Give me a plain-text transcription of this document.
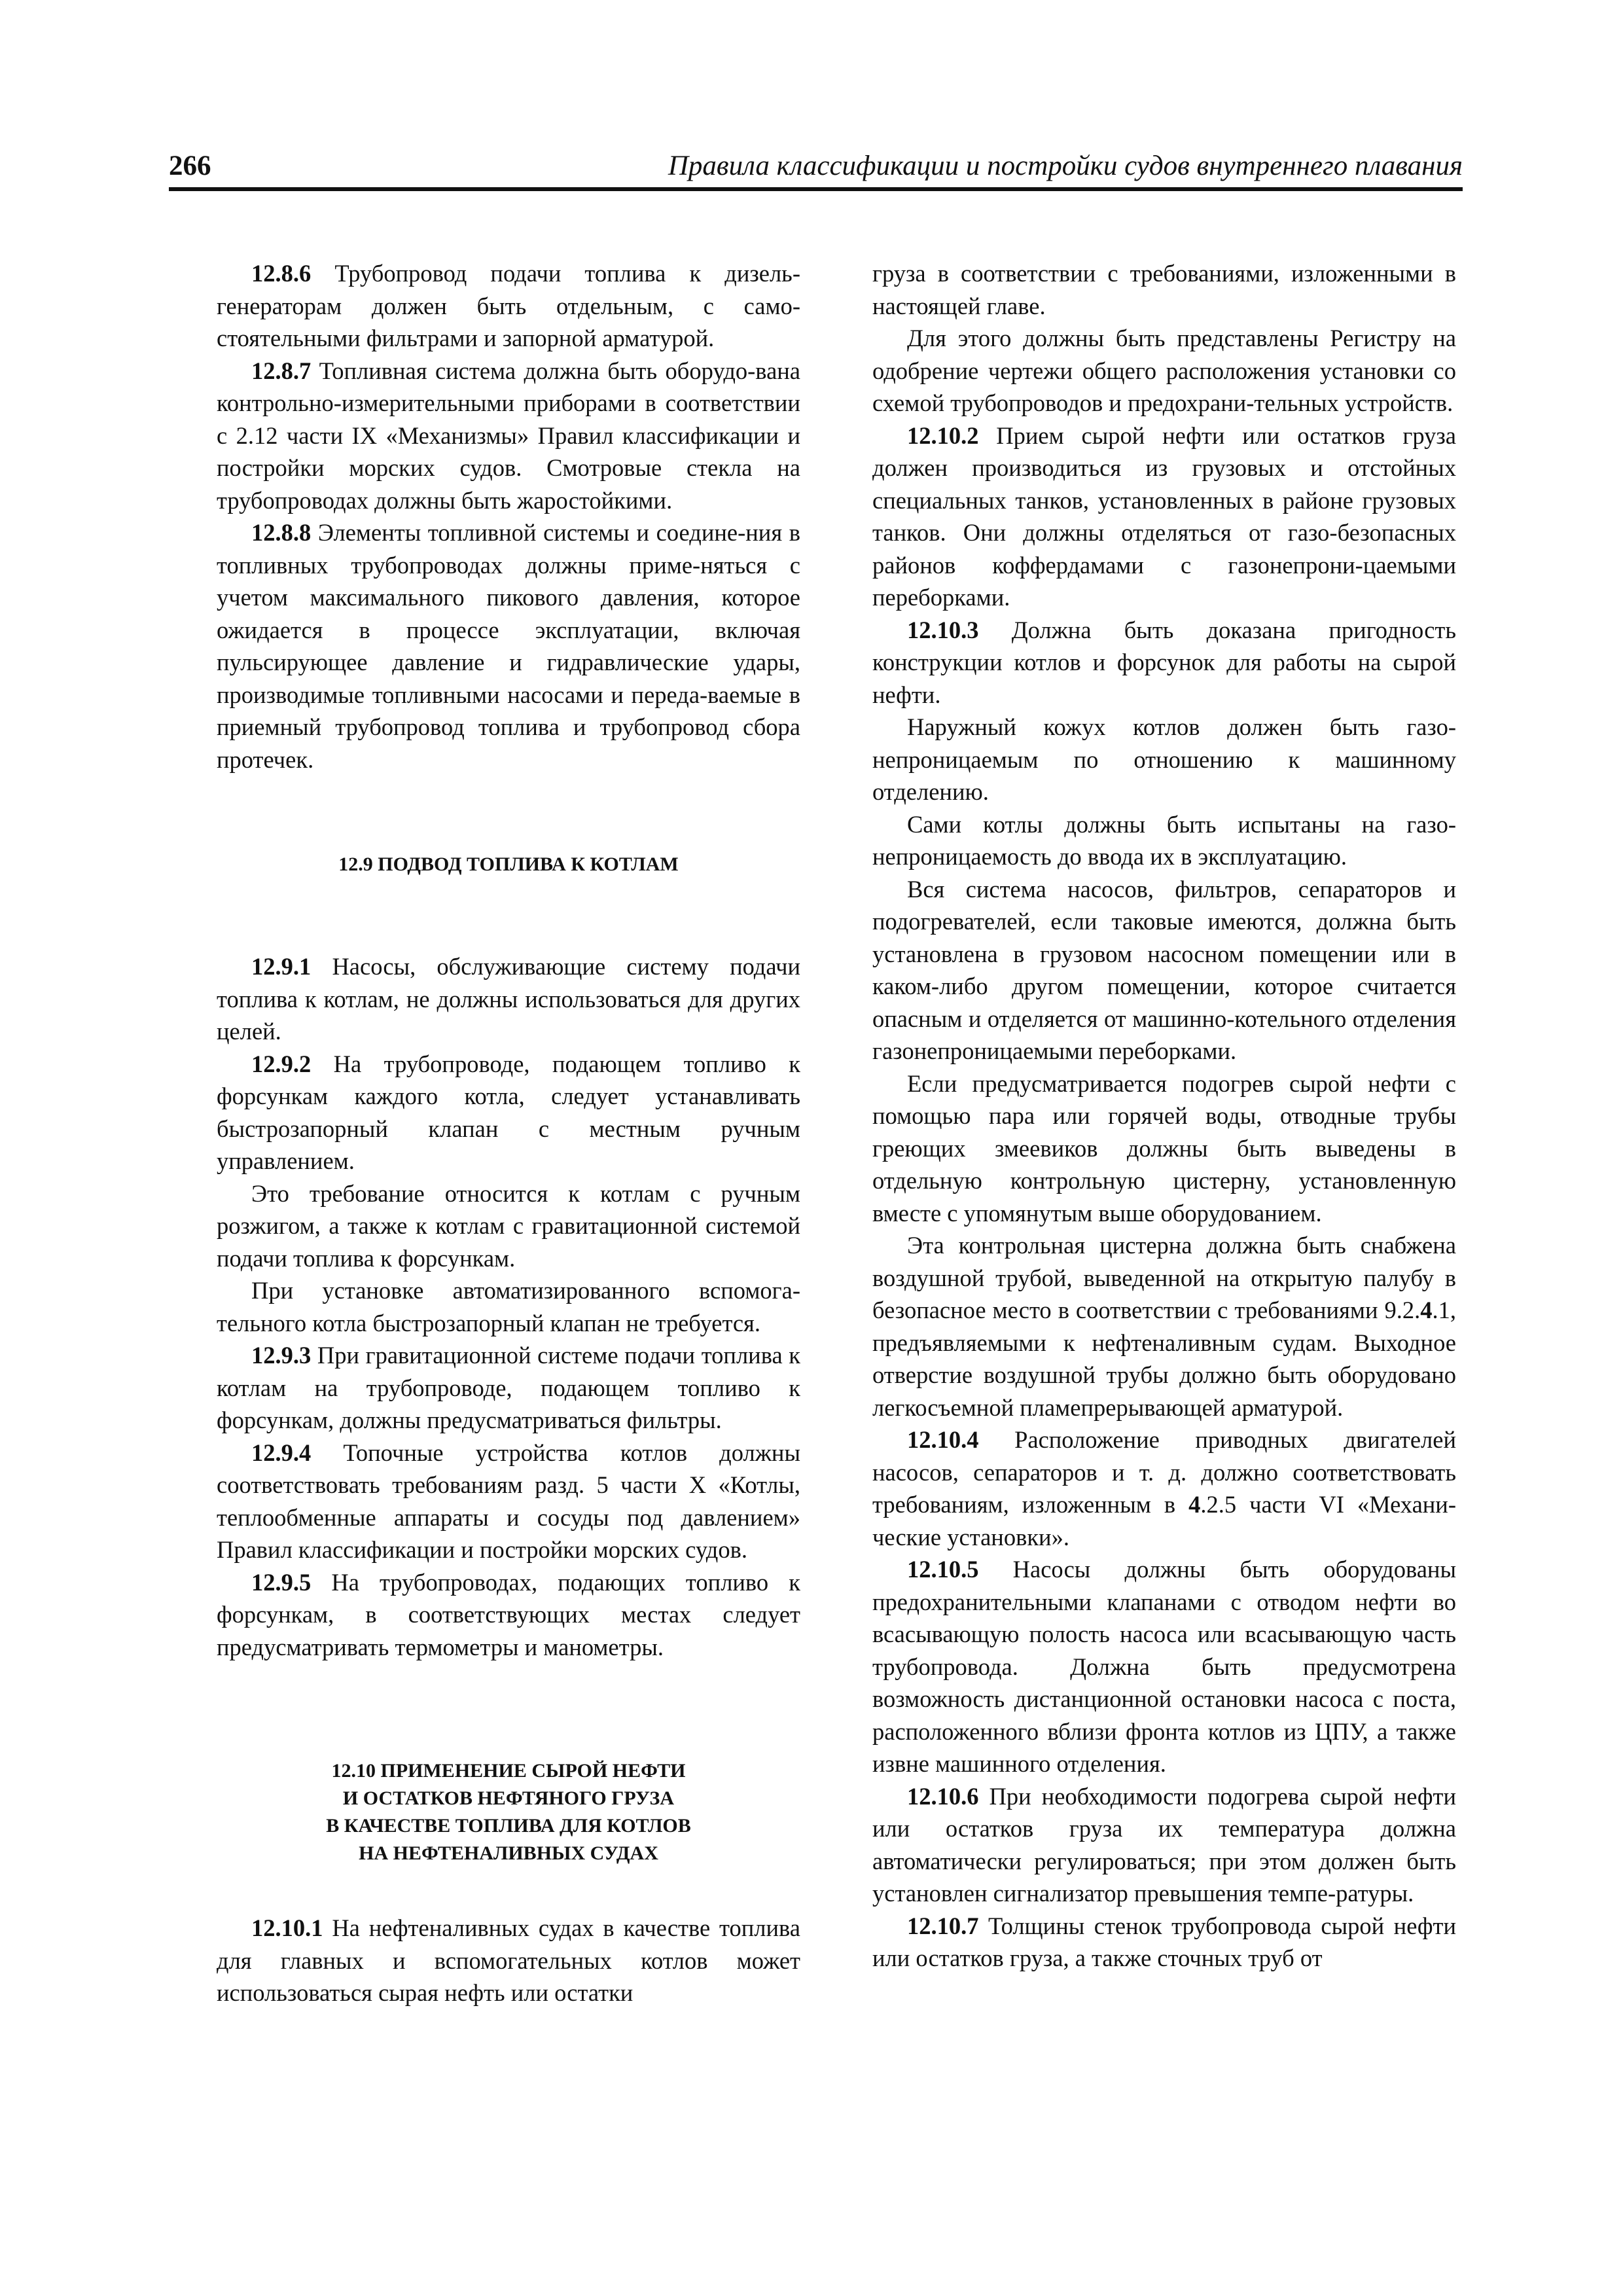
266	Правила классификации и постройки судов внутреннего плавания

12.8.6 Трубопровод подачи топлива к дизель-генераторам должен быть отдельным, с само-стоятельными фильтрами и запорной арматурой.

12.8.7 Топливная система должна быть оборудо-вана контрольно-измерительными приборами в соответствии с 2.12 части IX «Механизмы» Правил классификации и постройки морских судов. Смотровые стекла на трубопроводах должны быть жаростойкими.

12.8.8 Элементы топливной системы и соедине-ния в топливных трубопроводах должны приме-няться с учетом максимального пикового давления, которое ожидается в процессе эксплуатации, включая пульсирующее давление и гидравлические удары, производимые топливными насосами и переда-ваемые в приемный трубопровод топлива и трубопровод сбора протечек.

12.9 ПОДВОД ТОПЛИВА К КОТЛАМ

12.9.1 Насосы, обслуживающие систему подачи топлива к котлам, не должны использоваться для других целей.

12.9.2 На трубопроводе, подающем топливо к форсункам каждого котла, следует устанавливать быстрозапорный клапан с местным ручным управлением.

Это требование относится к котлам с ручным розжигом, а также к котлам с гравитационной системой подачи топлива к форсункам.

При установке автоматизированного вспомога-тельного котла быстрозапорный клапан не требуется.

12.9.3 При гравитационной системе подачи топлива к котлам на трубопроводе, подающем топливо к форсункам, должны предусматриваться фильтры.

12.9.4 Топочные устройства котлов должны соответствовать требованиям разд. 5 части X «Котлы, теплообменные аппараты и сосуды под давлением» Правил классификации и постройки морских судов.

12.9.5 На трубопроводах, подающих топливо к форсункам, в соответствующих местах следует предусматривать термометры и манометры.

12.10 ПРИМЕНЕНИЕ СЫРОЙ НЕФТИ
И ОСТАТКОВ НЕФТЯНОГО ГРУЗА
В КАЧЕСТВЕ ТОПЛИВА ДЛЯ КОТЛОВ
НА НЕФТЕНАЛИВНЫХ СУДАХ

12.10.1 На нефтеналивных судах в качестве топлива для главных и вспомогательных котлов может использоваться сырая нефть или остатки

груза в соответствии с требованиями, изложенными в настоящей главе.

Для этого должны быть представлены Регистру на одобрение чертежи общего расположения установки со схемой трубопроводов и предохрани-тельных устройств.

12.10.2 Прием сырой нефти или остатков груза должен производиться из грузовых и отстойных специальных танков, установленных в районе грузовых танков. Они должны отделяться от газо-безопасных районов коффердамами с газонепрони-цаемыми переборками.

12.10.3 Должна быть доказана пригодность конструкции котлов и форсунок для работы на сырой нефти.

Наружный кожух котлов должен быть газо-непроницаемым по отношению к машинному отделению.

Сами котлы должны быть испытаны на газо-непроницаемость до ввода их в эксплуатацию.

Вся система насосов, фильтров, сепараторов и подогревателей, если таковые имеются, должна быть установлена в грузовом насосном помещении или в каком-либо другом помещении, которое считается опасным и отделяется от машинно-котельного отделения газонепроницаемыми переборками.

Если предусматривается подогрев сырой нефти с помощью пара или горячей воды, отводные трубы греющих змеевиков должны быть выведены в отдельную контрольную цистерну, установленную вместе с упомянутым выше оборудованием.

Эта контрольная цистерна должна быть снабжена воздушной трубой, выведенной на открытую палубу в безопасное место в соответствии с требованиями 9.2.4.1, предъявляемыми к нефтеналивным судам. Выходное отверстие воздушной трубы должно быть оборудовано легкосъемной пламепрерывающей арматурой.

12.10.4 Расположение приводных двигателей насосов, сепараторов и т. д. должно соответствовать требованиям, изложенным в 4.2.5 части VI «Механи-ческие установки».

12.10.5 Насосы должны быть оборудованы предохранительными клапанами с отводом нефти во всасывающую полость насоса или всасывающую часть трубопровода. Должна быть предусмотрена возможность дистанционной остановки насоса с поста, расположенного вблизи фронта котлов из ЦПУ, а также извне машинного отделения.

12.10.6 При необходимости подогрева сырой нефти или остатков груза их температура должна автоматически регулироваться; при этом должен быть установлен сигнализатор превышения темпе-ратуры.

12.10.7 Толщины стенок трубопровода сырой нефти или остатков груза, а также сточных труб от
